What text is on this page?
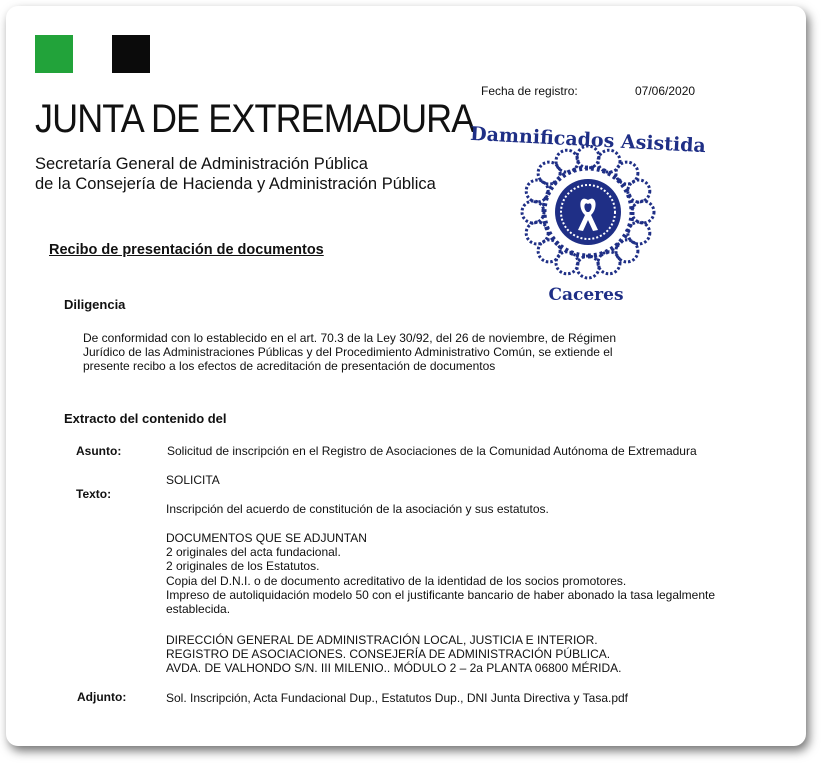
JUNTA DE EXTREMADURA
Secretaría General de Administración Pública
de la Consejería de Hacienda y Administración Pública
Fecha de registro:	07/06/2020
Damnificados Asistida
Caceres
Recibo de presentación de documentos
Diligencia
De conformidad con lo establecido en el art. 70.3 de la Ley 30/92, del 26 de noviembre, de Régimen
Jurídico de las Administraciones Públicas y del Procedimiento Administrativo Común, se extiende el
presente recibo a los efectos de acreditación de presentación de documentos
Extracto del contenido del
Asunto:	Solicitud de inscripción en el Registro de Asociaciones de la Comunidad Autónoma de Extremadura
Texto:
SOLICITA
Inscripción del acuerdo de constitución de la asociación y sus estatutos.
DOCUMENTOS QUE SE ADJUNTAN
2 originales del acta fundacional.
2 originales de los Estatutos.
Copia del D.N.I. o de documento acreditativo de la identidad de los socios promotores.
Impreso de autoliquidación modelo 50 con el justificante bancario de haber abonado la tasa legalmente
establecida.
DIRECCIÓN GENERAL DE ADMINISTRACIÓN LOCAL, JUSTICIA E INTERIOR.
REGISTRO DE ASOCIACIONES. CONSEJERÍA DE ADMINISTRACIÓN PÚBLICA.
AVDA. DE VALHONDO S/N. III MILENIO.. MÓDULO 2 – 2a PLANTA 06800 MÉRIDA.
Adjunto:	Sol. Inscripción, Acta Fundacional Dup., Estatutos Dup., DNI Junta Directiva y Tasa.pdf
